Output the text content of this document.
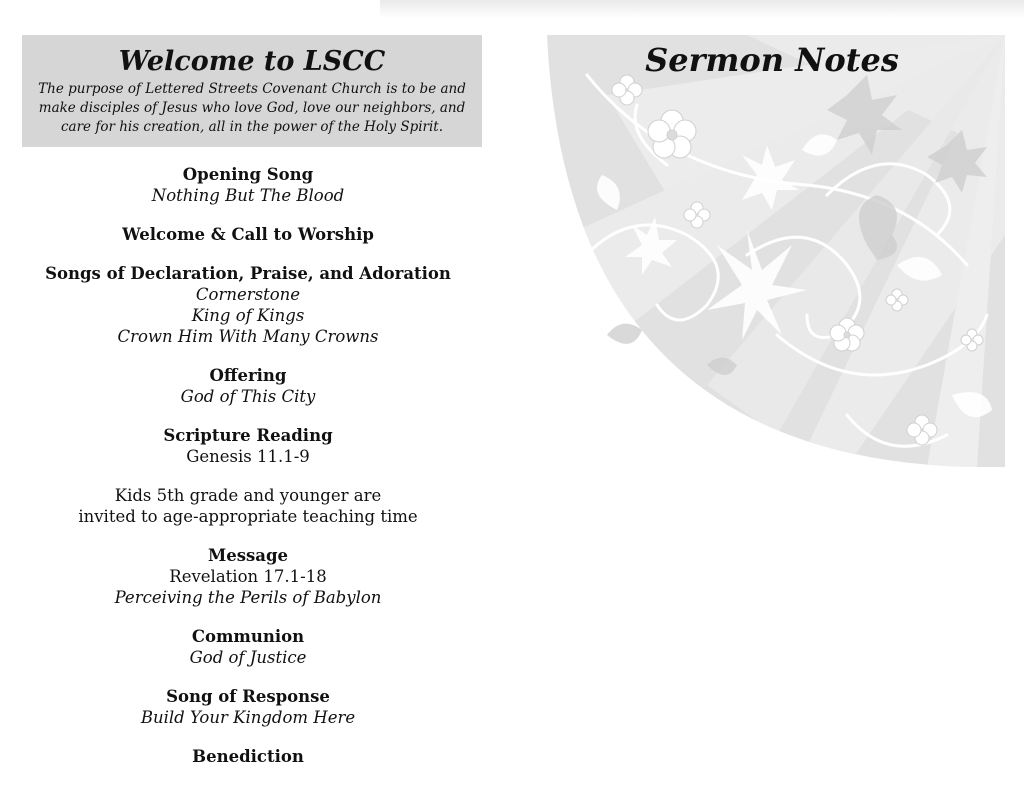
Welcome to LSCC

The purpose of Lettered Streets Covenant Church is to be and make disciples of Jesus who love God, love our neighbors, and care for his creation, all in the power of the Holy Spirit.

Opening Song
Nothing But The Blood
Welcome & Call to Worship
Songs of Declaration, Praise, and Adoration
Cornerstone
King of Kings
Crown Him With Many Crowns
Offering
God of This City
Scripture Reading
Genesis 11.1-9
Kids 5th grade and younger are
invited to age-appropriate teaching time
Message
Revelation 17.1-18
Perceiving the Perils of Babylon
Communion
God of Justice
Song of Response
Build Your Kingdom Here
Benediction
Sermon Notes
